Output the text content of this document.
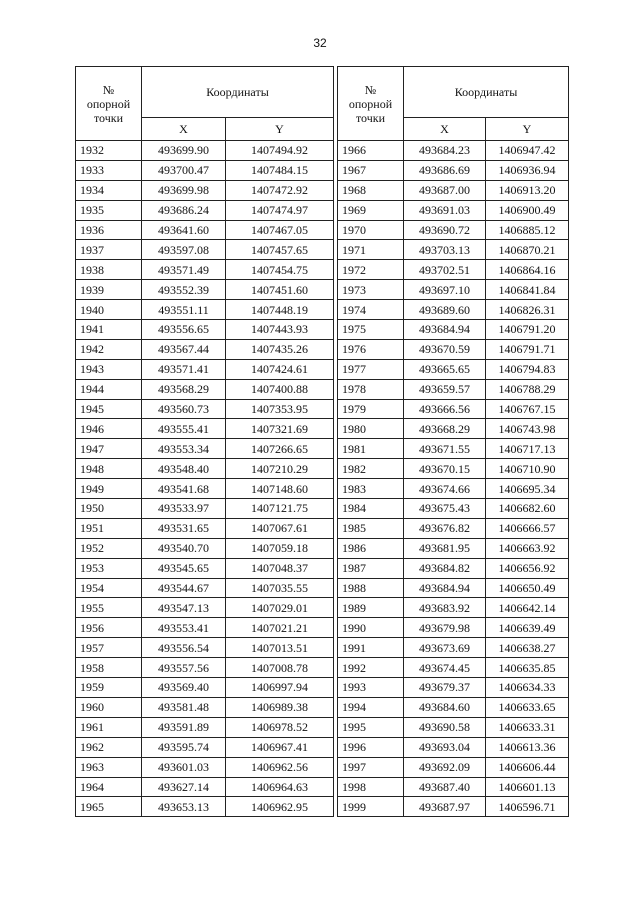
32
№
опорной
точки	Координаты	
	X	Y
1932	493699.90	1407494.92
1933	493700.47	1407484.15
1934	493699.98	1407472.92
1935	493686.24	1407474.97
1936	493641.60	1407467.05
1937	493597.08	1407457.65
1938	493571.49	1407454.75
1939	493552.39	1407451.60
1940	493551.11	1407448.19
1941	493556.65	1407443.93
1942	493567.44	1407435.26
1943	493571.41	1407424.61
1944	493568.29	1407400.88
1945	493560.73	1407353.95
1946	493555.41	1407321.69
1947	493553.34	1407266.65
1948	493548.40	1407210.29
1949	493541.68	1407148.60
1950	493533.97	1407121.75
1951	493531.65	1407067.61
1952	493540.70	1407059.18
1953	493545.65	1407048.37
1954	493544.67	1407035.55
1955	493547.13	1407029.01
1956	493553.41	1407021.21
1957	493556.54	1407013.51
1958	493557.56	1407008.78
1959	493569.40	1406997.94
1960	493581.48	1406989.38
1961	493591.89	1406978.52
1962	493595.74	1406967.41
1963	493601.03	1406962.56
1964	493627.14	1406964.63
1965	493653.13	1406962.95
№
опорной
точки	Координаты	
	X	Y
1966	493684.23	1406947.42
1967	493686.69	1406936.94
1968	493687.00	1406913.20
1969	493691.03	1406900.49
1970	493690.72	1406885.12
1971	493703.13	1406870.21
1972	493702.51	1406864.16
1973	493697.10	1406841.84
1974	493689.60	1406826.31
1975	493684.94	1406791.20
1976	493670.59	1406791.71
1977	493665.65	1406794.83
1978	493659.57	1406788.29
1979	493666.56	1406767.15
1980	493668.29	1406743.98
1981	493671.55	1406717.13
1982	493670.15	1406710.90
1983	493674.66	1406695.34
1984	493675.43	1406682.60
1985	493676.82	1406666.57
1986	493681.95	1406663.92
1987	493684.82	1406656.92
1988	493684.94	1406650.49
1989	493683.92	1406642.14
1990	493679.98	1406639.49
1991	493673.69	1406638.27
1992	493674.45	1406635.85
1993	493679.37	1406634.33
1994	493684.60	1406633.65
1995	493690.58	1406633.31
1996	493693.04	1406613.36
1997	493692.09	1406606.44
1998	493687.40	1406601.13
1999	493687.97	1406596.71
